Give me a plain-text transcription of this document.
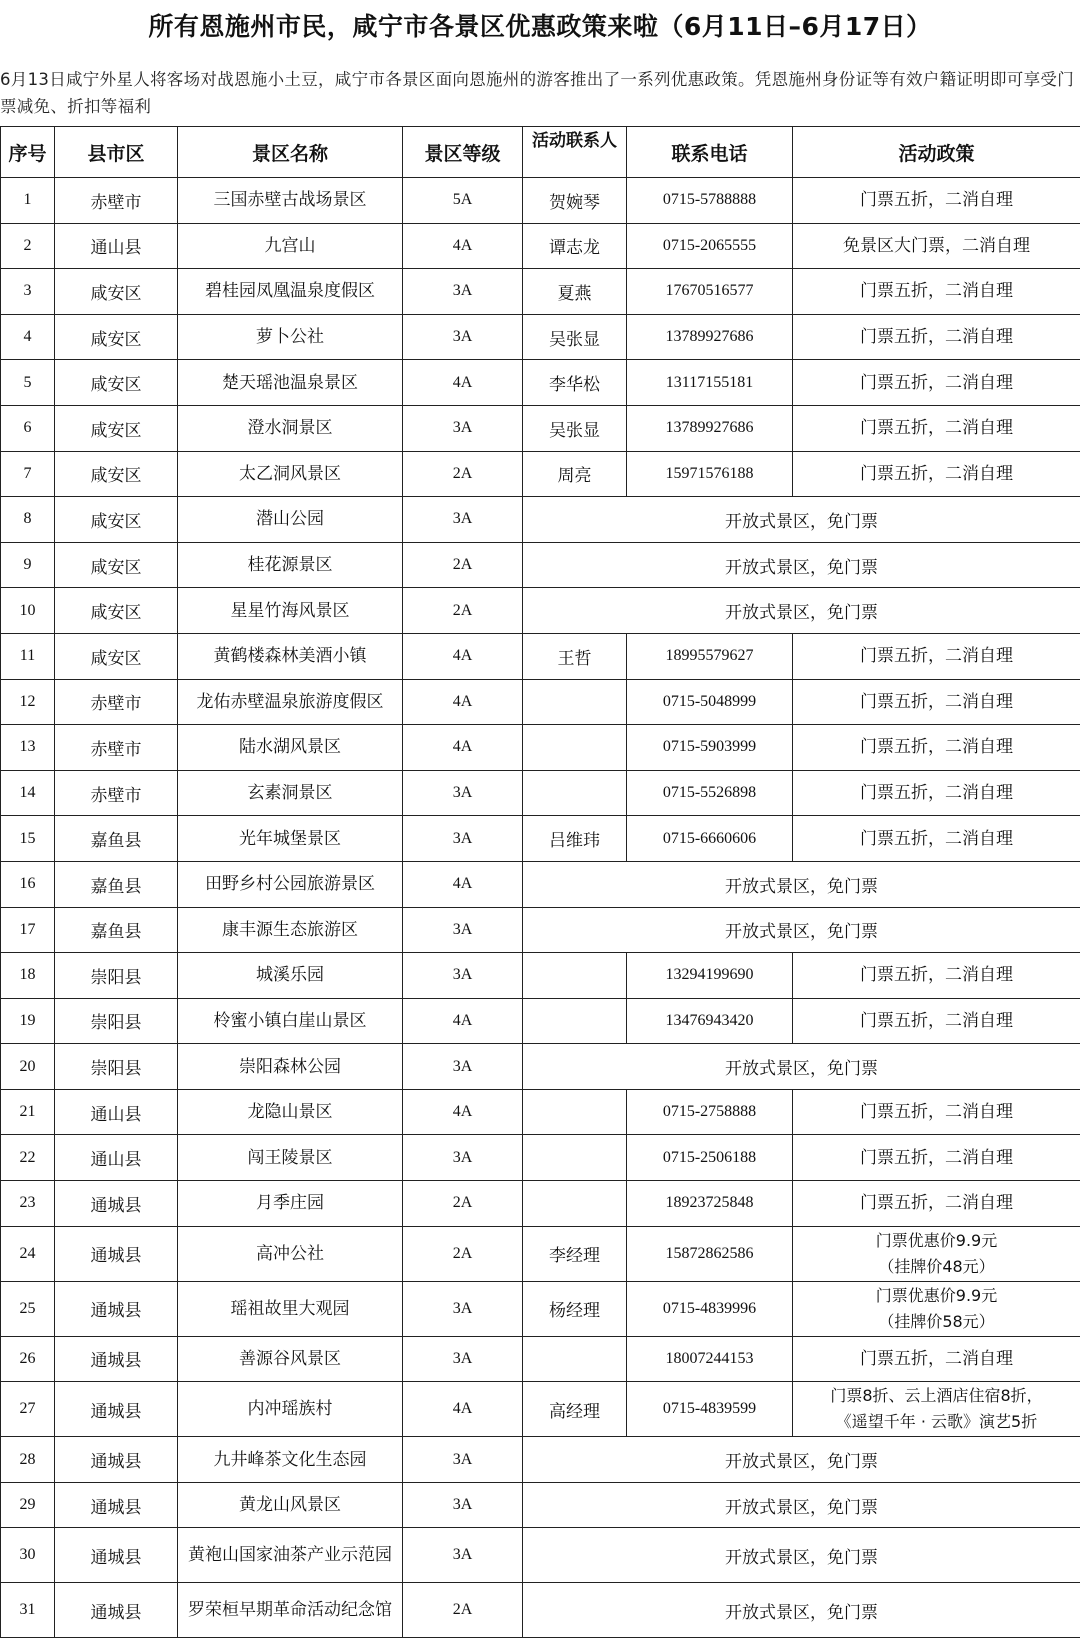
所有恩施州市民，咸宁市各景区优惠政策来啦（6月11日–6月17日）
6月13日咸宁外星人将客场对战恩施小土豆，咸宁市各景区面向恩施州的游客推出了一系列优惠政策。凭恩施州身份证等有效户籍证明即可享受门票减免、折扣等福利
序号	县市区	景区名称	景区等级	活动联系人	联系电话	活动政策
1	赤壁市	三国赤壁古战场景区	5A	贺婉琴	0715-5788888	门票五折，二消自理
2	通山县	九宫山	4A	谭志龙	0715-2065555	免景区大门票，二消自理
3	咸安区	碧桂园凤凰温泉度假区	3A	夏燕	17670516577	门票五折，二消自理
4	咸安区	萝卜公社	3A	吴张显	13789927686	门票五折，二消自理
5	咸安区	楚天瑶池温泉景区	4A	李华松	13117155181	门票五折，二消自理
6	咸安区	澄水洞景区	3A	吴张显	13789927686	门票五折，二消自理
7	咸安区	太乙洞风景区	2A	周亮	15971576188	门票五折，二消自理
8	咸安区	潜山公园	3A	开放式景区，免门票		
9	咸安区	桂花源景区	2A	开放式景区，免门票		
10	咸安区	星星竹海风景区	2A	开放式景区，免门票		
11	咸安区	黄鹤楼森林美酒小镇	4A	王哲	18995579627	门票五折，二消自理
12	赤壁市	龙佑赤壁温泉旅游度假区	4A		0715-5048999	门票五折，二消自理
13	赤壁市	陆水湖风景区	4A		0715-5903999	门票五折，二消自理
14	赤壁市	玄素洞景区	3A		0715-5526898	门票五折，二消自理
15	嘉鱼县	光年城堡景区	3A	吕维玮	0715-6660606	门票五折，二消自理
16	嘉鱼县	田野乡村公园旅游景区	4A	开放式景区，免门票		
17	嘉鱼县	康丰源生态旅游区	3A	开放式景区，免门票		
18	崇阳县	城溪乐园	3A		13294199690	门票五折，二消自理
19	崇阳县	柃蜜小镇白崖山景区	4A		13476943420	门票五折，二消自理
20	崇阳县	崇阳森林公园	3A	开放式景区，免门票		
21	通山县	龙隐山景区	4A		0715-2758888	门票五折，二消自理
22	通山县	闯王陵景区	3A		0715-2506188	门票五折，二消自理
23	通城县	月季庄园	2A		18923725848	门票五折，二消自理
24	通城县	高冲公社	2A	李经理	15872862586	门票优惠价9.9元
（挂牌价48元）
25	通城县	瑶祖故里大观园	3A	杨经理	0715-4839996	门票优惠价9.9元
（挂牌价58元）
26	通城县	善源谷风景区	3A		18007244153	门票五折，二消自理
27	通城县	内冲瑶族村	4A	高经理	0715-4839599	门票8折、云上酒店住宿8折，
《遥望千年 · 云歌》演艺5折
28	通城县	九井峰茶文化生态园	3A	开放式景区，免门票		
29	通城县	黄龙山风景区	3A	开放式景区，免门票		
30	通城县	黄袍山国家油茶产业示范园	3A	开放式景区，免门票		
31	通城县	罗荣桓早期革命活动纪念馆	2A	开放式景区，免门票		
